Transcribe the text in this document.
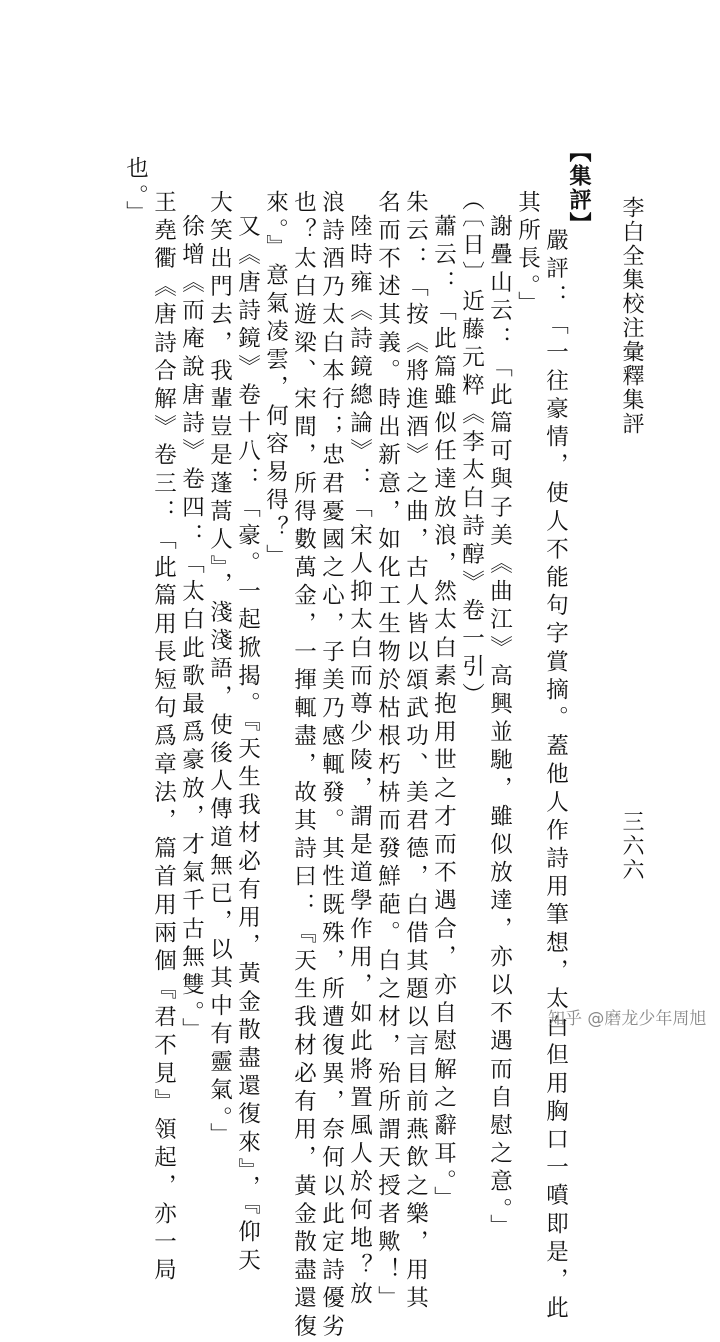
李白全集校注彙釋集評
三六六
【集評】
嚴評：「一往豪情，使人不能句字賞摘。蓋他人作詩用筆想，太白但用胸口一噴即是，此
其所長。」
謝疊山云：「此篇可與子美《曲江》高興並馳，雖似放達，亦以不遇而自慰之意。」
（〔日〕近藤元粹《李太白詩醇》卷一引）
蕭云：「此篇雖似任達放浪，然太白素抱用世之才而不遇合，亦自慰解之辭耳。」
朱云：「按《將進酒》之曲，古人皆以頌武功、美君德，白借其題以言目前燕飲之樂，用其
名而不述其義。時出新意，如化工生物於枯根朽枿而發鮮葩。白之材，殆所謂天授者歟！」
陸時雍《詩鏡總論》：「宋人抑太白而尊少陵，謂是道學作用，如此將置風人於何地？放
浪詩酒乃太白本行；忠君憂國之心，子美乃感輒發。其性既殊，所遭復異，奈何以此定詩優劣
也？太白遊梁、宋間，所得數萬金，一揮輒盡，故其詩曰：『天生我材必有用，黃金散盡還復
來。』意氣凌雲，何容易得？」
又《唐詩鏡》卷十八：「豪。一起掀揭。『天生我材必有用，黃金散盡還復來』，『仰天
大笑出門去，我輩豈是蓬蒿人』，淺淺語，使後人傳道無已，以其中有靈氣。」
徐增《而庵說唐詩》卷四：「太白此歌最爲豪放，才氣千古無雙。」
王堯衢《唐詩合解》卷三：「此篇用長短句爲章法，篇首用兩個『君不見』領起，亦一局
也。」
知乎 @磨龙少年周旭
